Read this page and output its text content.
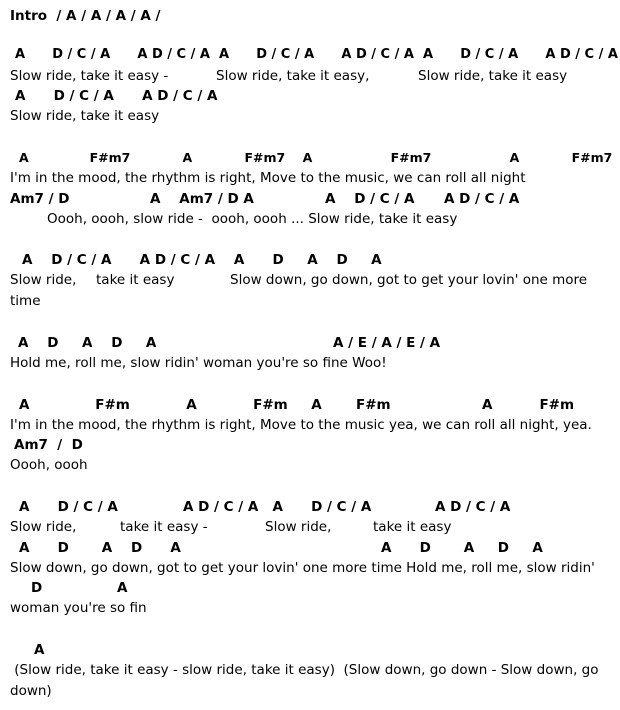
Intro  / A / A / A / A /
A      D / C / A      A D / C / A  A      D / C / A      A D / C / A  A      D / C / A      A D / C / A
Slow ride, take it easy -	Slow ride, take it easy,	Slow ride, take it easy
A      D / C / A      A D / C / A
Slow ride, take it easy
A              F#m7            A            F#m7    A                  F#m7                  A            F#m7
I'm in the mood, the rhythm is right, Move to the music, we can roll all night
Am7 / D	A    Am7 / D A	A    D / C / A A D / C / A
Oooh, oooh, slow ride -  oooh, oooh ... Slow ride, take it easy
A    D / C / A      A D / C / A    A      D     A    D     A
Slow ride, take it easy	Slow down, go down, got to get your lovin' one more
time
A    D     A    D     A	A / E / A / E / A
Hold me, roll me, slow ridin' woman you're so fine Woo!
A              F#m            A            F#m     A	F#m	A          F#m
I'm in the mood, the rhythm is right, Move to the music yea, we can roll all night, yea.
Am7  /  D
Oooh, oooh
A      D / C / A	A D / C / A   A      D / C / A	A D / C / A
Slow ride,	take it easy -	Slow ride,	take it easy
A      D       A    D      A	A      D       A     D     A
Slow down, go down, got to get your lovin' one more time Hold me, roll me, slow ridin'
D	A
woman you're so fin
A
(Slow ride, take it easy - slow ride, take it easy)  (Slow down, go down - Slow down, go
down)
